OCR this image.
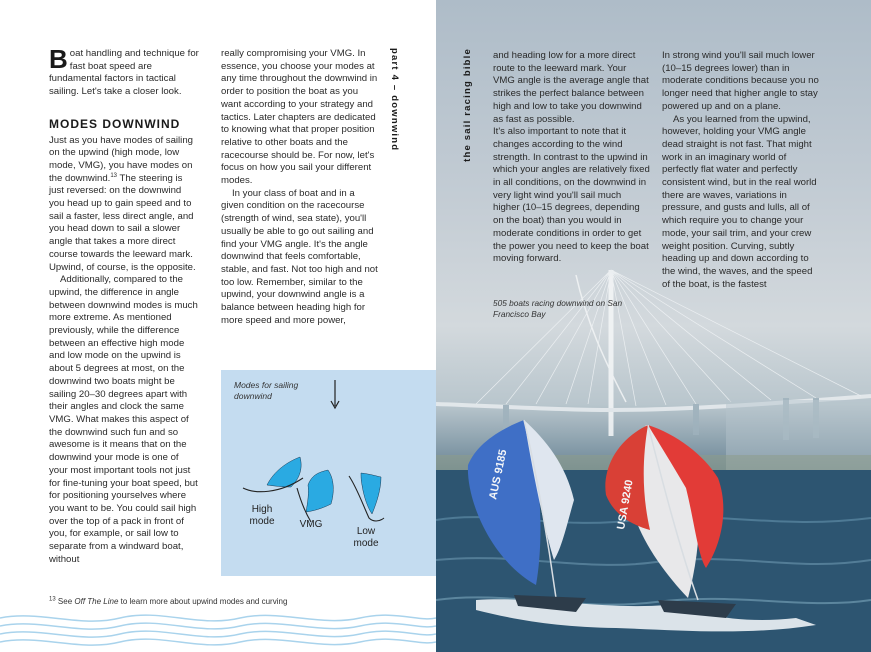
Boat handling and technique for fast boat speed are fundamental factors in tactical sailing. Let's take a closer look.

MODES DOWNWIND

Just as you have modes of sailing on the upwind (high mode, low mode, VMG), you have modes on the downwind.$^{13}$ The steering is just reversed: on the downwind you head up to gain speed and to sail a faster, less direct angle, and you head down to sail a slower angle that takes a more direct course towards the leeward mark. Upwind, of course, is the opposite.

Additionally, compared to the upwind, the difference in angle between downwind modes is much more extreme. As mentioned previously, while the difference between an effective high mode and low mode on the upwind is about 5 degrees at most, on the downwind two boats might be sailing 20–30 degrees apart with their angles and clock the same VMG. What makes this aspect of the downwind such fun and so awesome is it means that on the downwind your mode is one of your most important tools not just for fine-tuning your boat speed, but for positioning yourselves where you want to be. You could sail high over the top of a pack in front of you, for example, or sail low to separate from a windward boat, without

really compromising your VMG. In essence, you choose your modes at any time throughout the downwind in order to position the boat as you want according to your strategy and tactics. Later chapters are dedicated to knowing what that proper position relative to other boats and the racecourse should be. For now, let's focus on how you sail your different modes.

In your class of boat and in a given condition on the racecourse (strength of wind, sea state), you'll usually be able to go out sailing and find your VMG angle. It's the angle downwind that feels comfortable, stable, and fast. Not too high and not too low. Remember, similar to the upwind, your downwind angle is a balance between heading high for more speed and more power,

part 4 – downwind
Modes for sailing downwind
High mode	VMG
Low mode
$^{13}$ See Off The Line to learn more about upwind modes and curving

and heading low for a more direct route to the leeward mark. Your VMG angle is the average angle that strikes the perfect balance between high and low to take you downwind as fast as possible.

It's also important to note that it changes according to the wind strength. In contrast to the upwind in which your angles are relatively fixed in all conditions, on the downwind in very light wind you'll sail much higher (10–15 degrees, depending on the boat) than you would in moderate conditions in order to get the power you need to keep the boat moving forward.

In strong wind you'll sail much lower (10–15 degrees lower) than in moderate conditions because you no longer need that higher angle to stay powered up and on a plane.

As you learned from the upwind, however, holding your VMG angle dead straight is not fast. That might work in an imaginary world of perfectly flat water and perfectly consistent wind, but in the real world there are waves, variations in pressure, and gusts and lulls, all of which require you to change your mode, your sail trim, and your crew weight position. Curving, subtly heading up and down according to the wind, the waves, and the speed of the boat, is the fastest

505 boats racing downwind on San Francisco Bay
AUS 9185
USA 9240
the sail racing bible
